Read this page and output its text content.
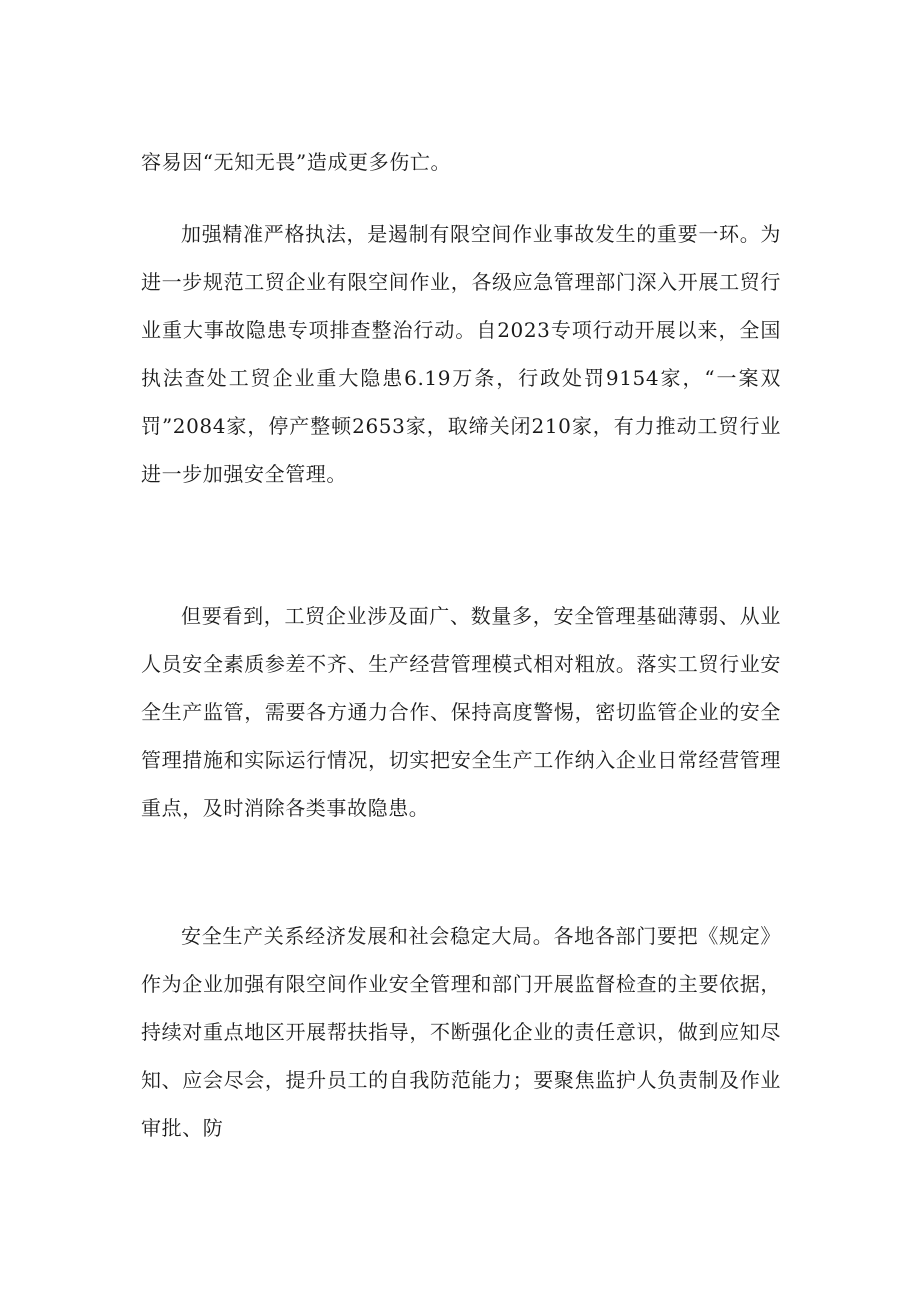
容易因“无知无畏”造成更多伤亡。

加强精准严格执法，是遏制有限空间作业事故发生的重要一环。为进一步规范工贸企业有限空间作业，各级应急管理部门深入开展工贸行业重大事故隐患专项排查整治行动。自2023专项行动开展以来，全国执法查处工贸企业重大隐患6.19万条，行政处罚9154家，“一案双罚”2084家，停产整顿2653家，取缔关闭210家，有力推动工贸行业进一步加强安全管理。

但要看到，工贸企业涉及面广、数量多，安全管理基础薄弱、从业人员安全素质参差不齐、生产经营管理模式相对粗放。落实工贸行业安全生产监管，需要各方通力合作、保持高度警惕，密切监管企业的安全管理措施和实际运行情况，切实把安全生产工作纳入企业日常经营管理重点，及时消除各类事故隐患。

安全生产关系经济发展和社会稳定大局。各地各部门要把《规定》作为企业加强有限空间作业安全管理和部门开展监督检查的主要依据，持续对重点地区开展帮扶指导，不断强化企业的责任意识，做到应知尽知、应会尽会，提升员工的自我防范能力；要聚焦监护人负责制及作业审批、防
